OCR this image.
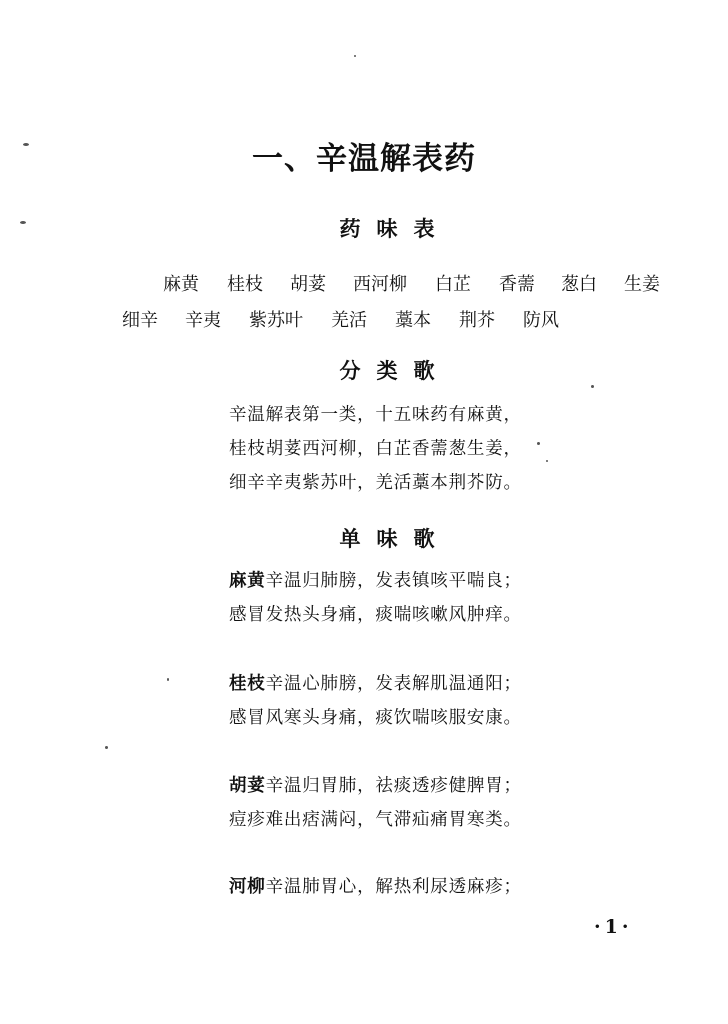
一、辛温解表药
药味表
麻黄	桂枝	胡荽	西河柳	白芷	香薷	葱白	生姜
细辛	辛夷	紫苏叶	羌活	藁本	荆芥	防风
分类歌
辛温解表第一类，十五味药有麻黄，
桂枝胡荽西河柳，白芷香薷葱生姜，
细辛辛夷紫苏叶，羌活藁本荆芥防。
单味歌
麻黄辛温归肺膀，发表镇咳平喘良；
感冒发热头身痛，痰喘咳嗽风肿痒。
桂枝辛温心肺膀，发表解肌温通阳；
感冒风寒头身痛，痰饮喘咳服安康。
胡荽辛温归胃肺，祛痰透疹健脾胃；
痘疹难出痞满闷，气滞疝痛胃寒类。
河柳辛温肺胃心，解热利尿透麻疹；
·1·
